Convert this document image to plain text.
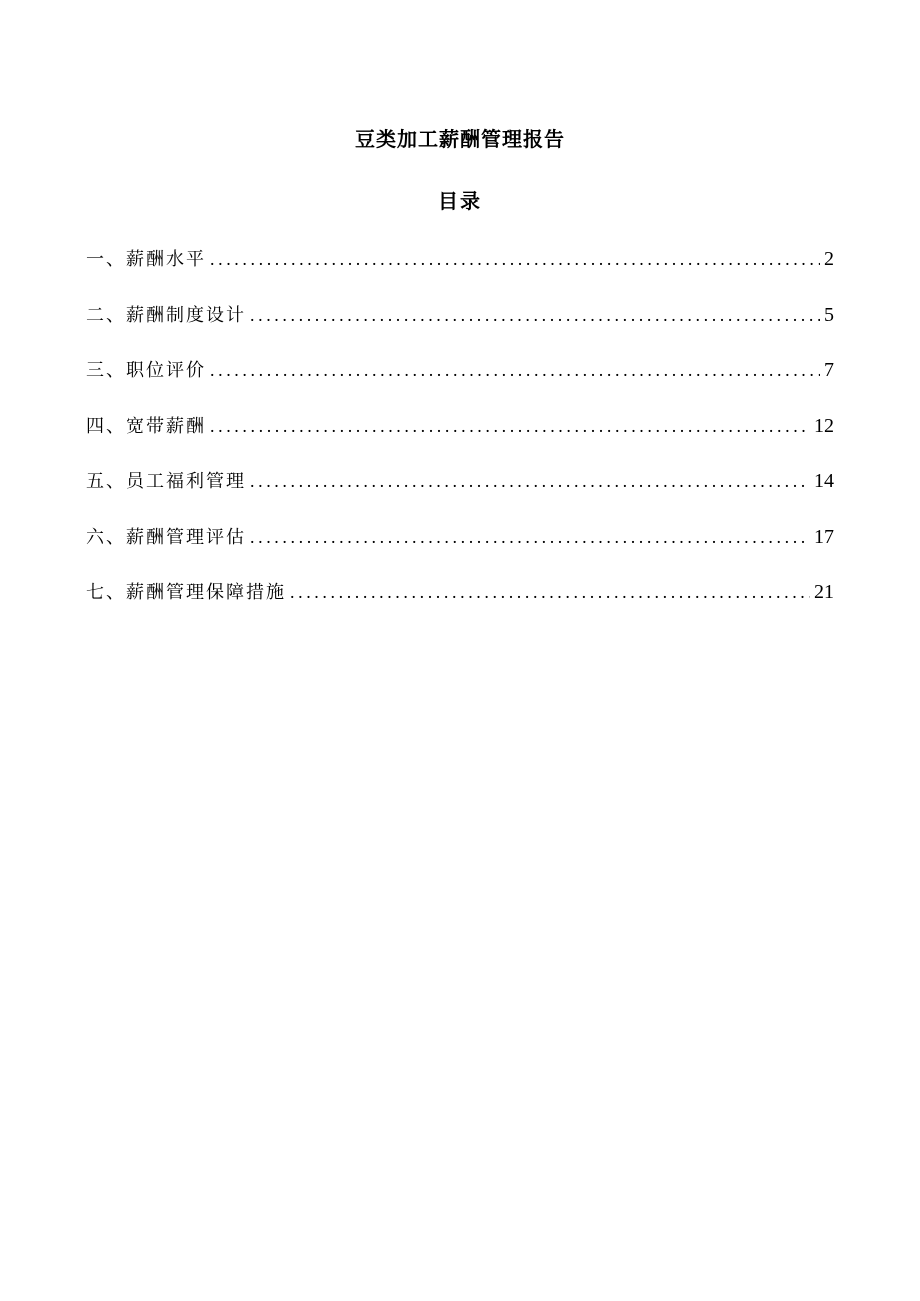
豆类加工薪酬管理报告
目录
一、薪酬水平 .....	2
二、薪酬制度设计 .....	5
三、职位评价 .....	7
四、宽带薪酬 .....	12
五、员工福利管理 .....	14
六、薪酬管理评估 .....	17
七、薪酬管理保障措施 .....	21
